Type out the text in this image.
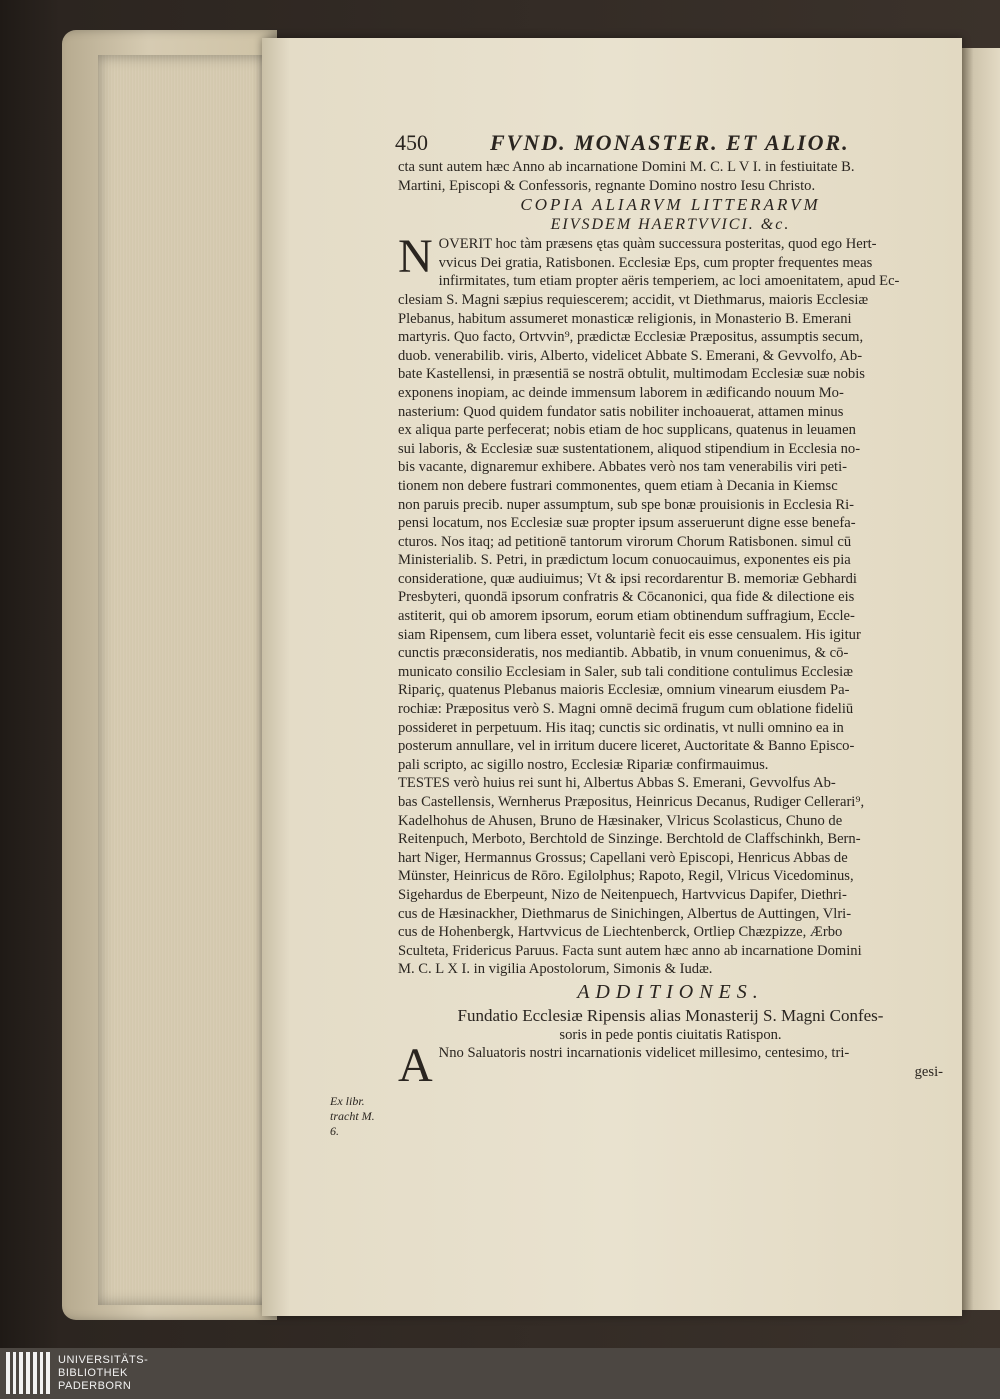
450	FVND. MONASTER. ET ALIOR.
cta sunt autem hæc Anno ab incarnatione Domini M. C. L V I. in festiuitate B.
Martini, Episcopi & Confessoris, regnante Domino nostro Iesu Christo.

COPIA ALIARVM LITTERARVM

EIVSDEM HAERTVVICI. &c.

N OVERIT hoc tàm præsens ętas quàm successura posteritas, quod ego Hert-
vvicus Dei gratia, Ratisbonen. Ecclesiæ Eps, cum propter frequentes meas
infirmitates, tum etiam propter aëris temperiem, ac loci amoenitatem, apud Ec-
clesiam S. Magni sæpius requiescerem; accidit, vt Diethmarus, maioris Ecclesiæ
Plebanus, habitum assumeret monasticæ religionis, in Monasterio B. Emerani
martyris. Quo facto, Ortvvin⁹, prædictæ Ecclesiæ Præpositus, assumptis secum,
duob. venerabilib. viris, Alberto, videlicet Abbate S. Emerani, & Gevvolfo, Ab-
bate Kastellensi, in præsentiā se nostrā obtulit, multimodam Ecclesiæ suæ nobis
exponens inopiam, ac deinde immensum laborem in ædificando nouum Mo-
nasterium: Quod quidem fundator satis nobiliter inchoauerat, attamen minus
ex aliqua parte perfecerat; nobis etiam de hoc supplicans, quatenus in leuamen
sui laboris, & Ecclesiæ suæ sustentationem, aliquod stipendium in Ecclesia no-
bis vacante, dignaremur exhibere. Abbates verò nos tam venerabilis viri peti-
tionem non debere fustrari commonentes, quem etiam à Decania in Kiemsc
non paruis precib. nuper assumptum, sub spe bonæ prouisionis in Ecclesia Ri-
pensi locatum, nos Ecclesiæ suæ propter ipsum asseruerunt digne esse benefa-
cturos. Nos itaq; ad petitionē tantorum virorum Chorum Ratisbonen. simul cū
Ministerialib. S. Petri, in prædictum locum conuocauimus, exponentes eis pia
consideratione, quæ audiuimus; Vt & ipsi recordarentur B. memoriæ Gebhardi
Presbyteri, quondā ipsorum confratris & Cōcanonici, qua fide & dilectione eis
astiterit, qui ob amorem ipsorum, eorum etiam obtinendum suffragium, Eccle-
siam Ripensem, cum libera esset, voluntariè fecit eis esse censualem. His igitur
cunctis præconsideratis, nos mediantib. Abbatib, in vnum conuenimus, & cō-
municato consilio Ecclesiam in Saler, sub tali conditione contulimus Ecclesiæ
Ripariç, quatenus Plebanus maioris Ecclesiæ, omnium vinearum eiusdem Pa-
rochiæ: Præpositus verò S. Magni omnē decimā frugum cum oblatione fideliū
possideret in perpetuum. His itaq; cunctis sic ordinatis, vt nulli omnino ea in
posterum annullare, vel in irritum ducere liceret, Auctoritate & Banno Episco-
pali scripto, ac sigillo nostro, Ecclesiæ Ripariæ confirmauimus.
TESTES verò huius rei sunt hi, Albertus Abbas S. Emerani, Gevvolfus Ab-
bas Castellensis, Wernherus Præpositus, Heinricus Decanus, Rudiger Cellerari⁹,
Kadelhohus de Ahusen, Bruno de Hæsinaker, Vlricus Scolasticus, Chuno de
Reitenpuch, Merboto, Berchtold de Sinzinge. Berchtold de Claffschinkh, Bern-
hart Niger, Hermannus Grossus; Capellani verò Episcopi, Henricus Abbas de
Münster, Heinricus de Rōro. Egilolphus; Rapoto, Regil, Vlricus Vicedominus,
Sigehardus de Eberpeunt, Nizo de Neitenpuech, Hartvvicus Dapifer, Diethri-
cus de Hæsinackher, Diethmarus de Sinichingen, Albertus de Auttingen, Vlri-
cus de Hohenbergk, Hartvvicus de Liechtenberck, Ortliep Chæzpizze, Ærbo
Sculteta, Fridericus Paruus. Facta sunt autem hæc anno ab incarnatione Domini
M. C. L X I. in vigilia Apostolorum, Simonis & Iudæ.

ADDITIONES.

Fundatio Ecclesiæ Ripensis alias Monasterij S. Magni Confes-

soris in pede pontis ciuitatis Ratispon.

A Nno Saluatoris nostri incarnationis videlicet millesimo, centesimo, tri-
gesi-
Ex libr.
tracht M.
6.
UNIVERSITÄTS-
BIBLIOTHEK
PADERBORN
